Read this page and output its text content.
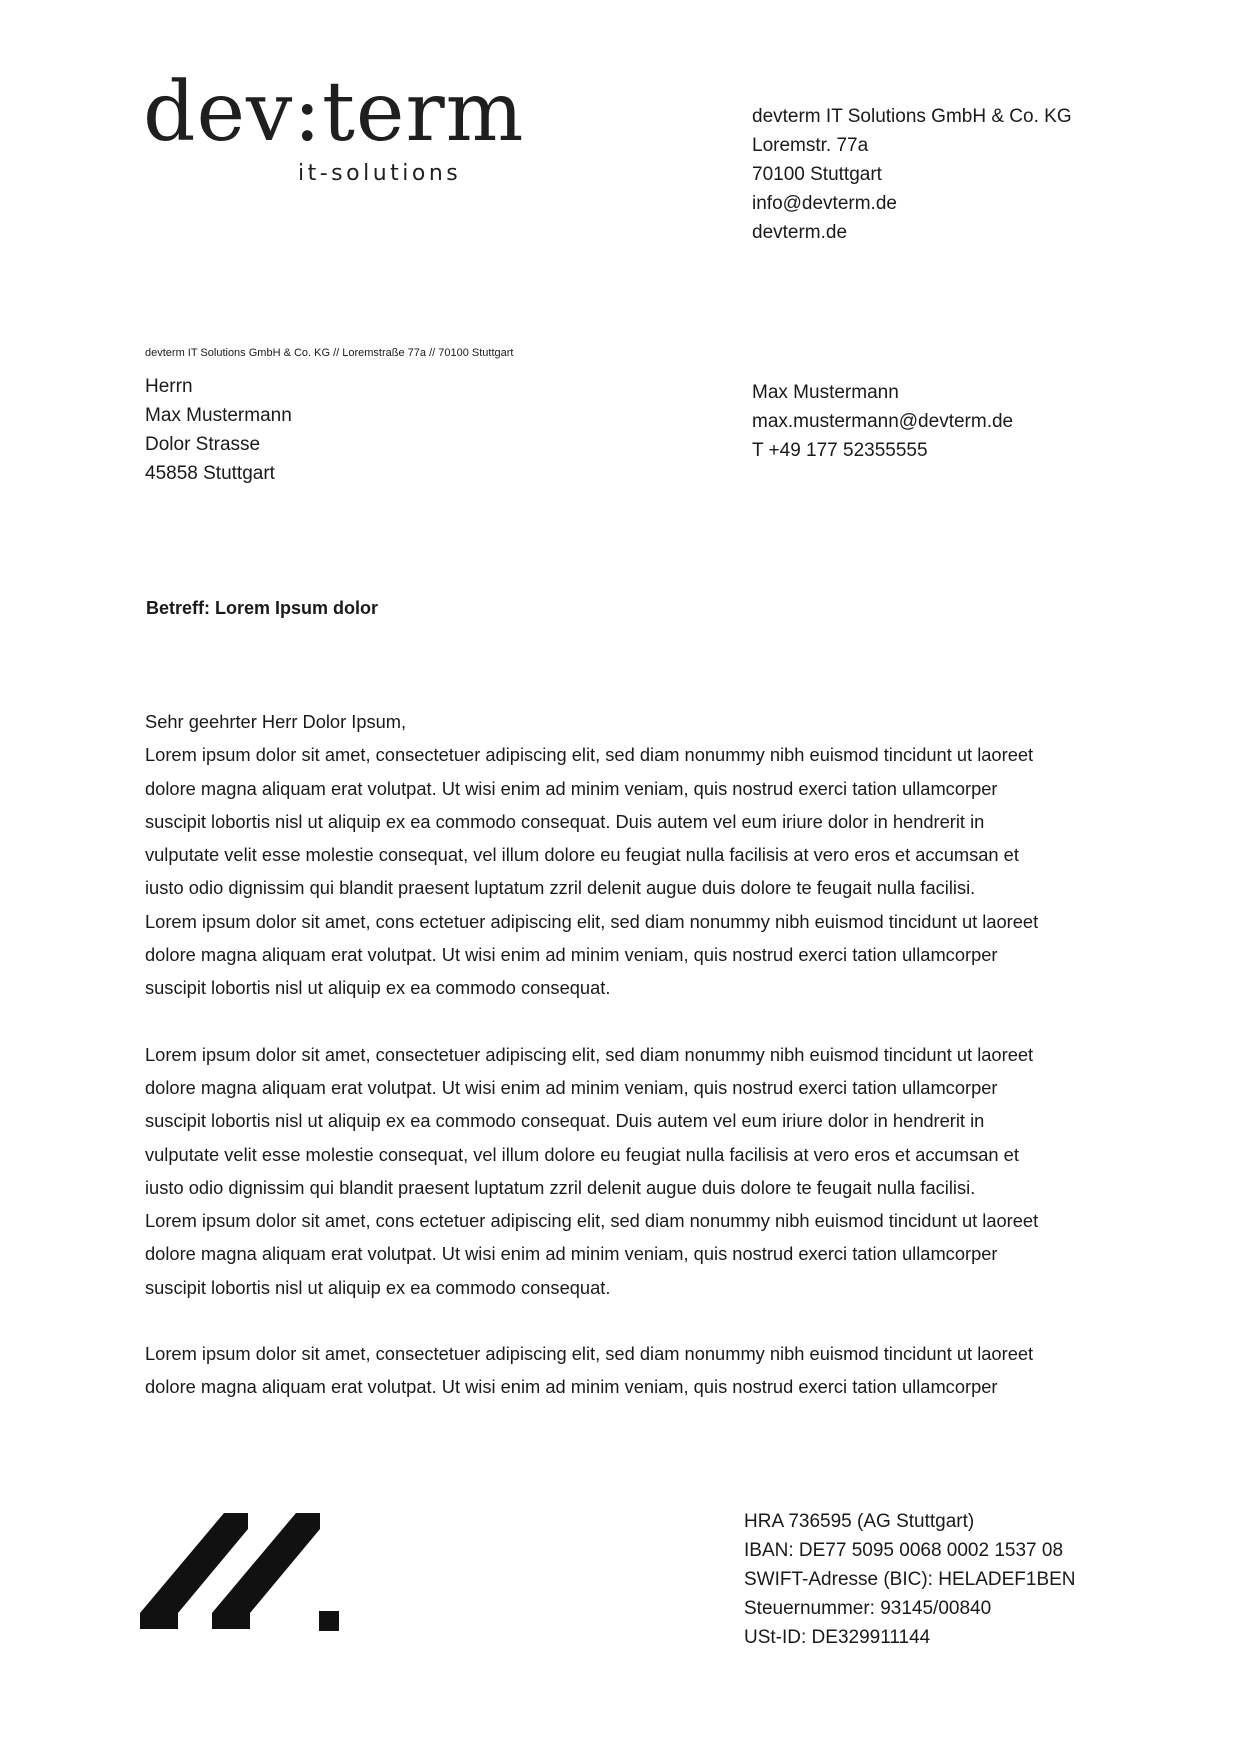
dev:term
it-solutions
devterm IT Solutions GmbH & Co. KG
Loremstr. 77a
70100 Stuttgart
info@devterm.de
devterm.de
devterm IT Solutions GmbH & Co. KG // Loremstraße 77a // 70100 Stuttgart
Herrn
Max Mustermann
Dolor Strasse
45858 Stuttgart
Max Mustermann
max.mustermann@devterm.de
T +49 177 52355555
Betreff: Lorem Ipsum dolor

Sehr geehrter Herr Dolor Ipsum,

Lorem ipsum dolor sit amet, consectetuer adipiscing elit, sed diam nonummy nibh euismod tincidunt ut laoreet
dolore magna aliquam erat volutpat. Ut wisi enim ad minim veniam, quis nostrud exerci tation ullamcorper
suscipit lobortis nisl ut aliquip ex ea commodo consequat. Duis autem vel eum iriure dolor in hendrerit in
vulputate velit esse molestie consequat, vel illum dolore eu feugiat nulla facilisis at vero eros et accumsan et
iusto odio dignissim qui blandit praesent luptatum zzril delenit augue duis dolore te feugait nulla facilisi.
Lorem ipsum dolor sit amet, cons ectetuer adipiscing elit, sed diam nonummy nibh euismod tincidunt ut laoreet
dolore magna aliquam erat volutpat. Ut wisi enim ad minim veniam, quis nostrud exerci tation ullamcorper
suscipit lobortis nisl ut aliquip ex ea commodo consequat.

Lorem ipsum dolor sit amet, consectetuer adipiscing elit, sed diam nonummy nibh euismod tincidunt ut laoreet
dolore magna aliquam erat volutpat. Ut wisi enim ad minim veniam, quis nostrud exerci tation ullamcorper
suscipit lobortis nisl ut aliquip ex ea commodo consequat. Duis autem vel eum iriure dolor in hendrerit in
vulputate velit esse molestie consequat, vel illum dolore eu feugiat nulla facilisis at vero eros et accumsan et
iusto odio dignissim qui blandit praesent luptatum zzril delenit augue duis dolore te feugait nulla facilisi.
Lorem ipsum dolor sit amet, cons ectetuer adipiscing elit, sed diam nonummy nibh euismod tincidunt ut laoreet
dolore magna aliquam erat volutpat. Ut wisi enim ad minim veniam, quis nostrud exerci tation ullamcorper
suscipit lobortis nisl ut aliquip ex ea commodo consequat.

Lorem ipsum dolor sit amet, consectetuer adipiscing elit, sed diam nonummy nibh euismod tincidunt ut laoreet
dolore magna aliquam erat volutpat. Ut wisi enim ad minim veniam, quis nostrud exerci tation ullamcorper

HRA 736595 (AG Stuttgart)
IBAN: DE77 5095 0068 0002 1537 08
SWIFT-Adresse (BIC): HELADEF1BEN
Steuernummer: 93145/00840
USt-ID: DE329911144
